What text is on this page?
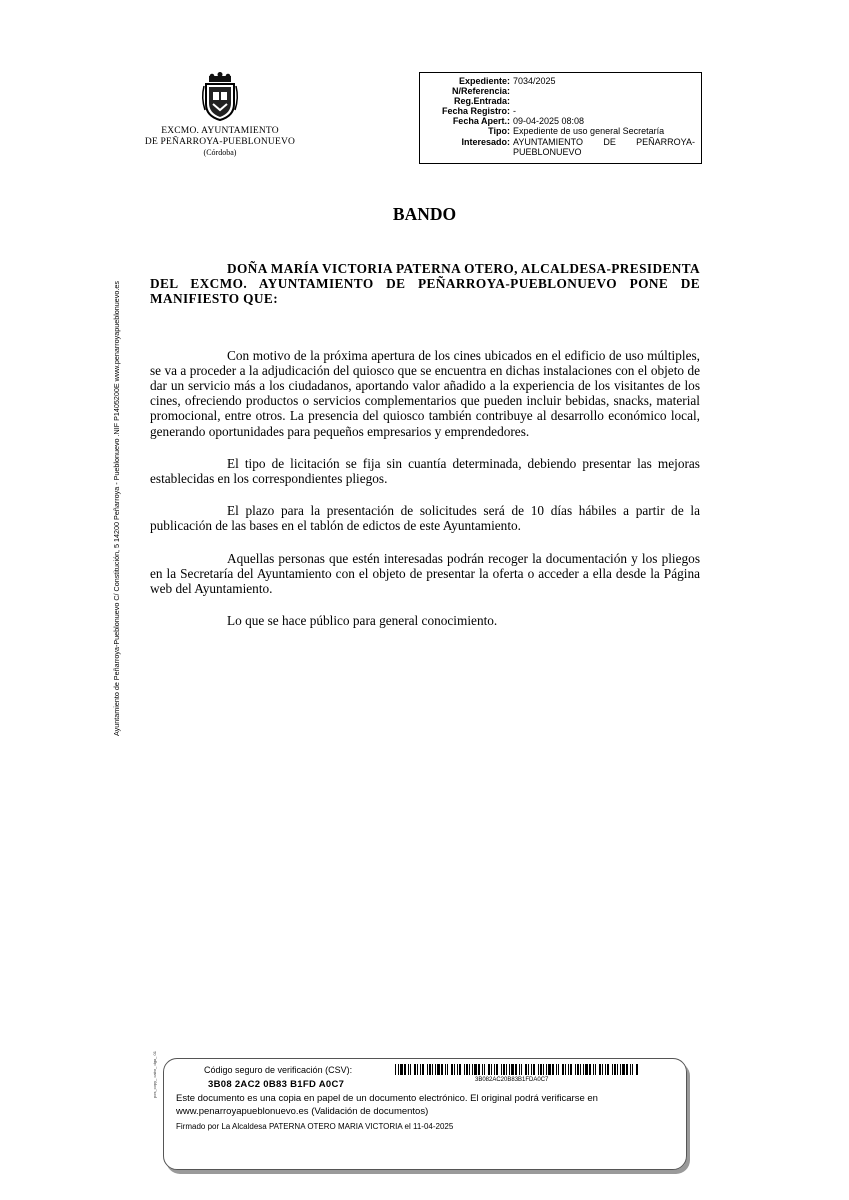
EXCMO. AYUNTAMIENTO
DE PEÑARROYA-PUEBLONUEVO
(Córdoba)
Expediente: 7034/2025
N/Referencia:
Reg.Entrada:
Fecha Registro: -
Fecha Apert.: 09-04-2025 08:08
Tipo: Expediente de uso general Secretaría
Interesado: AYUNTAMIENTO DE PEÑARROYA-
PUEBLONUEVO
BANDO

DOÑA MARÍA VICTORIA PATERNA OTERO, ALCALDESA-PRESIDENTA DEL EXCMO. AYUNTAMIENTO DE PEÑARROYA-PUEBLONUEVO PONE DE MANIFIESTO QUE:

Con motivo de la próxima apertura de los cines ubicados en el edificio de uso múltiples, se va a proceder a la adjudicación del quiosco que se encuentra en dichas instalaciones con el objeto de dar un servicio más a los ciudadanos, aportando valor añadido a la experiencia de los visitantes de los cines, ofreciendo productos o servicios complementarios que pueden incluir bebidas, snacks, material promocional, entre otros. La presencia del quiosco también contribuye al desarrollo económico local, generando oportunidades para pequeños empresarios y emprendedores.

El tipo de licitación se fija sin cuantía determinada, debiendo presentar las mejoras establecidas en los correspondientes pliegos.

El plazo para la presentación de solicitudes será de 10 días hábiles a partir de la publicación de las bases en el tablón de edictos de este Ayuntamiento.

Aquellas personas que estén interesadas podrán recoger la documentación y los pliegos en la Secretaría del Ayuntamiento con el objeto de presentar la oferta o acceder a ella desde la Página web del Ayuntamiento.

Lo que se hace público para general conocimiento.

Ayuntamiento de Peñarroya-Pueblonuevo C/ Constitución, 5 14200 Peñarroya - Pueblonuevo .NIF P1405200E www.penarroyapueblonuevo.es
pos_copy_ cabo_ dga_ 01	Código seguro de verificación (CSV):
3B08 2AC2 0B83 B1FD A0C7	3B082AC20B83B1FDA0C7
Este documento es una copia en papel de un documento electrónico. El original podrá verificarse en
www.penarroyapueblonuevo.es (Validación de documentos)
Firmado por La Alcaldesa PATERNA OTERO MARIA VICTORIA el 11-04-2025
